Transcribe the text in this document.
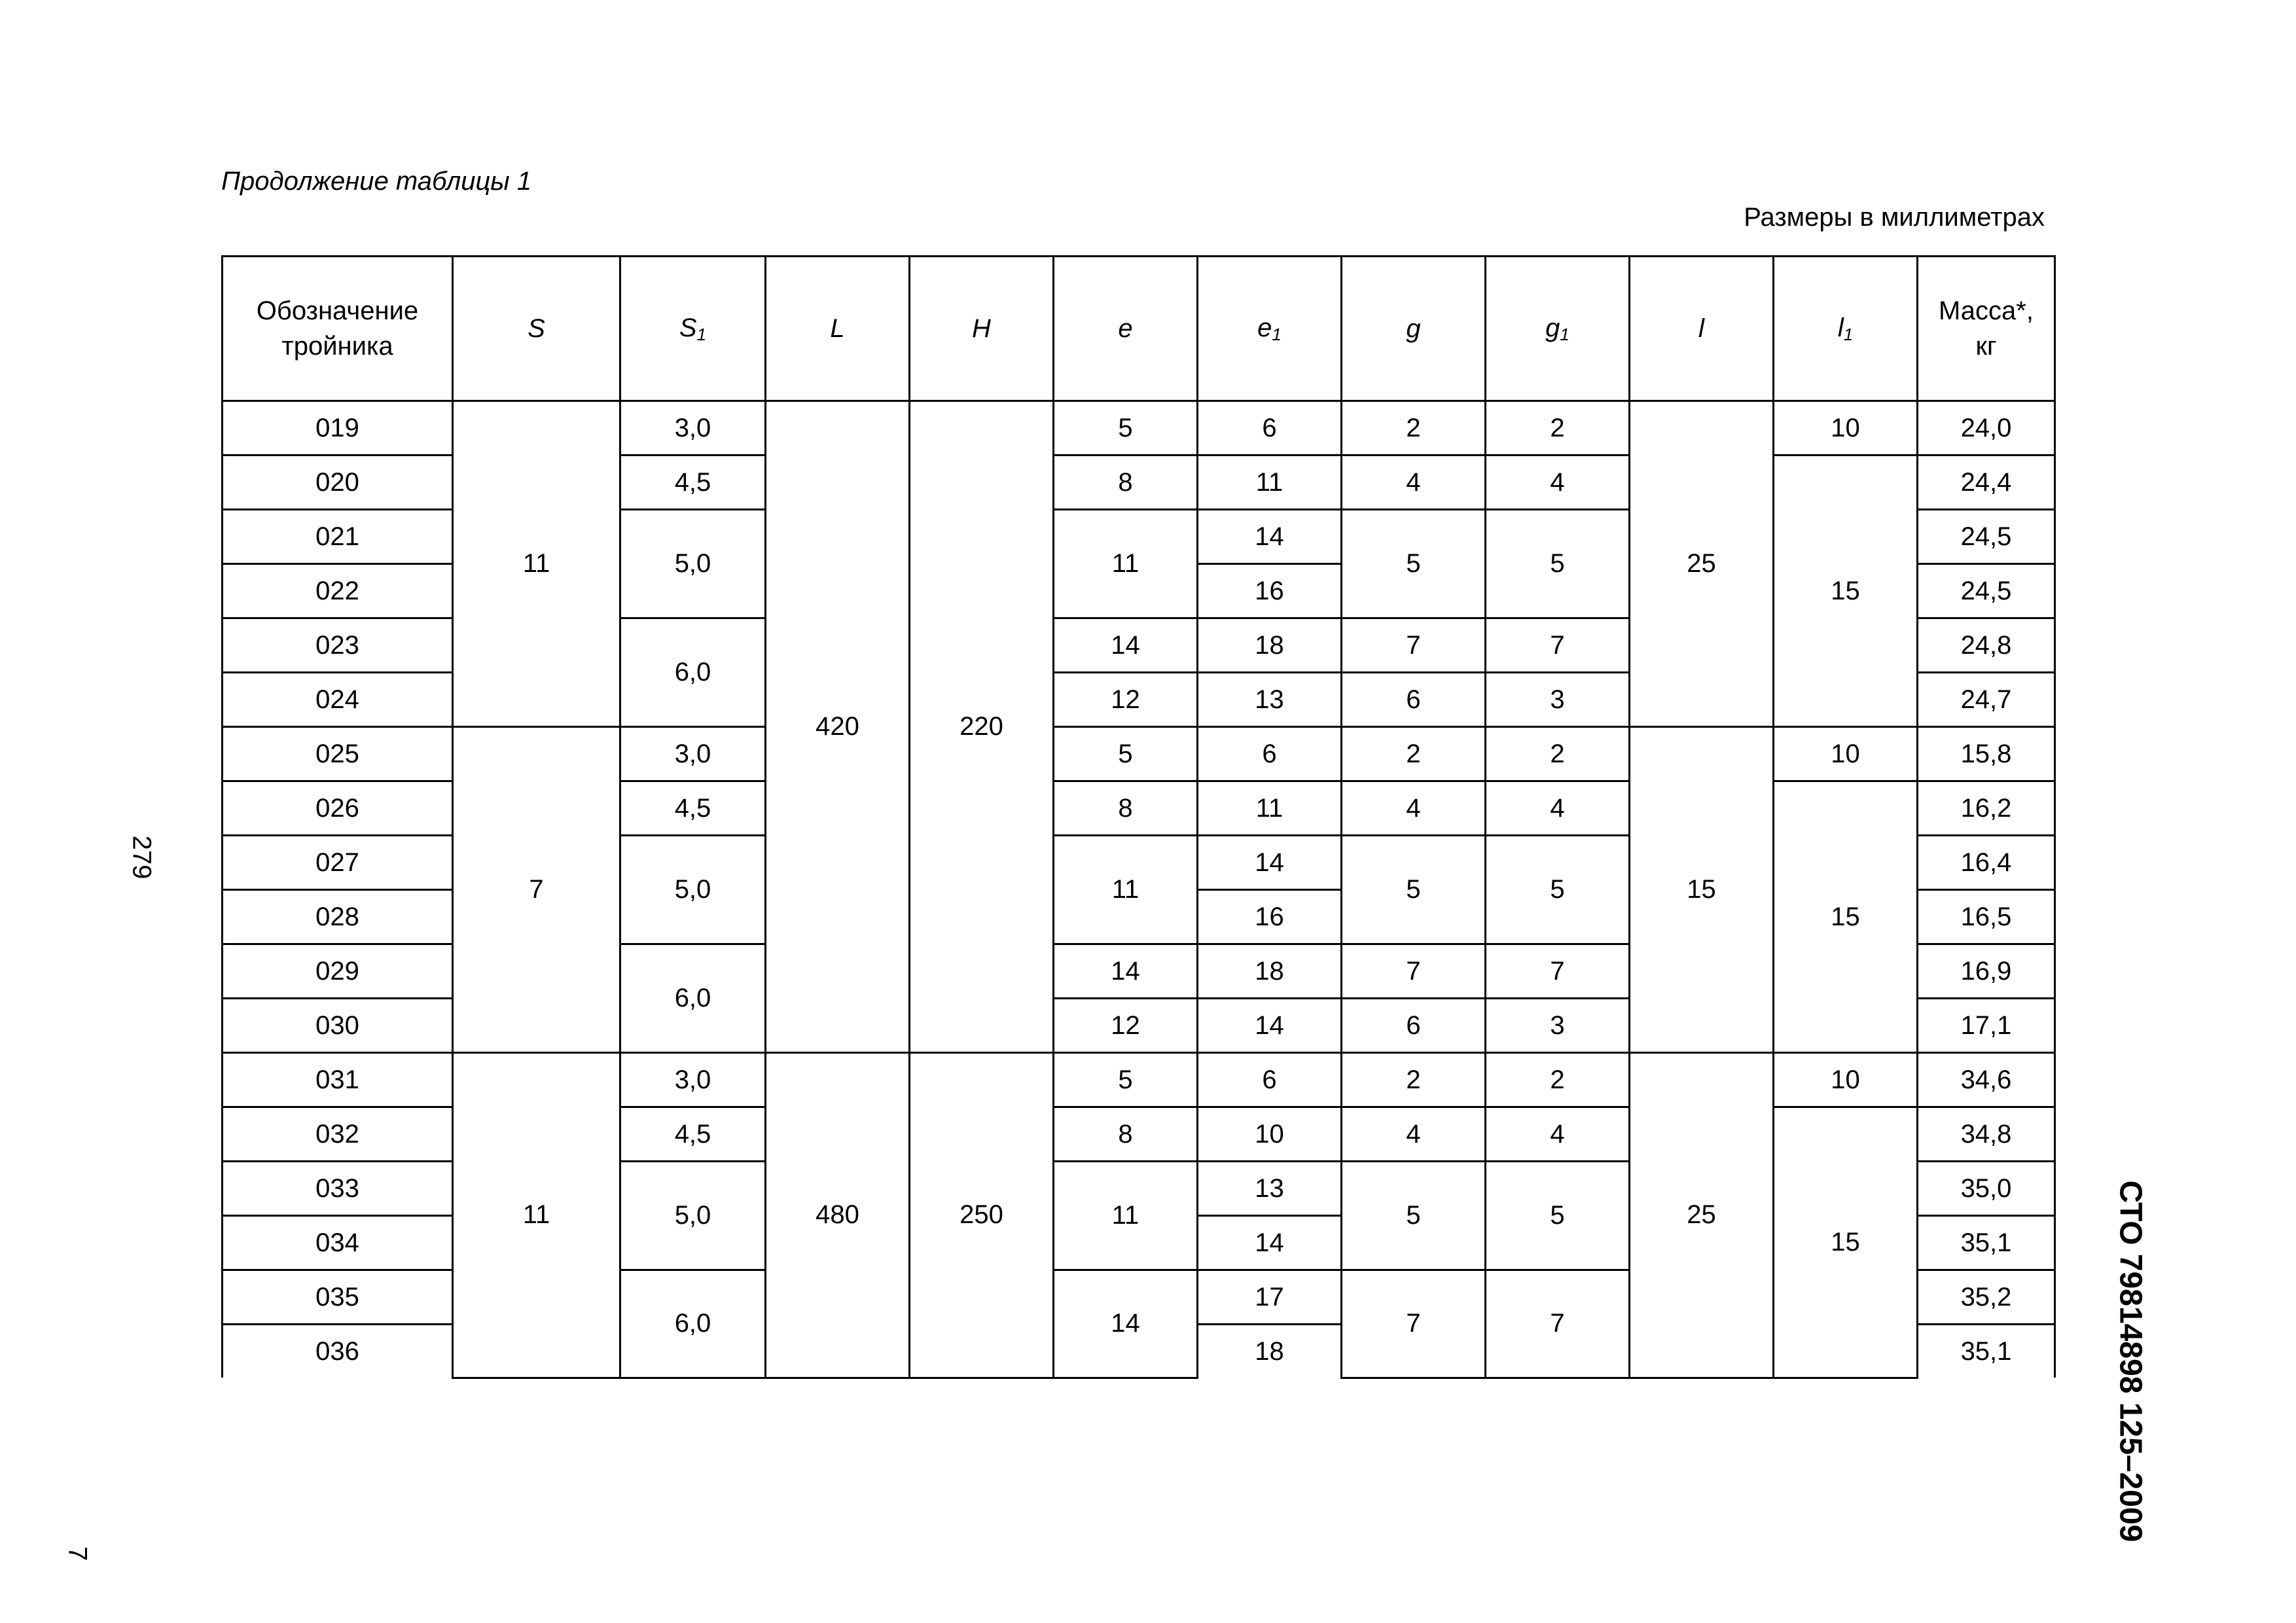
Продолжение таблицы 1
Размеры в миллиметрах
279
СТО 79814898 125–2009
7
Обозначение тройника	S	$S_1$	L	H	e	$e_1$	g	$g_1$	l	$l_1$	Масса*, кг
019	11	3,0	420	220	5	6	2	2	25	10	24,0
020		4,5			8	11	4	4		15	24,4
021		5,0			11	14	5	5			24,5
022						16					24,5
023		6,0			14	18	7	7			24,8
024					12	13	6	3			24,7
025	7	3,0			5	6	2	2	15	10	15,8
026		4,5			8	11	4	4		15	16,2
027		5,0			11	14	5	5			16,4
028						16					16,5
029		6,0			14	18	7	7			16,9
030					12	14	6	3			17,1
031	11	3,0	480	250	5	6	2	2	25	10	34,6
032		4,5			8	10	4	4		15	34,8
033		5,0			11	13	5	5			35,0
034						14					35,1
035		6,0			14	17	7	7			35,2
036						18					35,1
